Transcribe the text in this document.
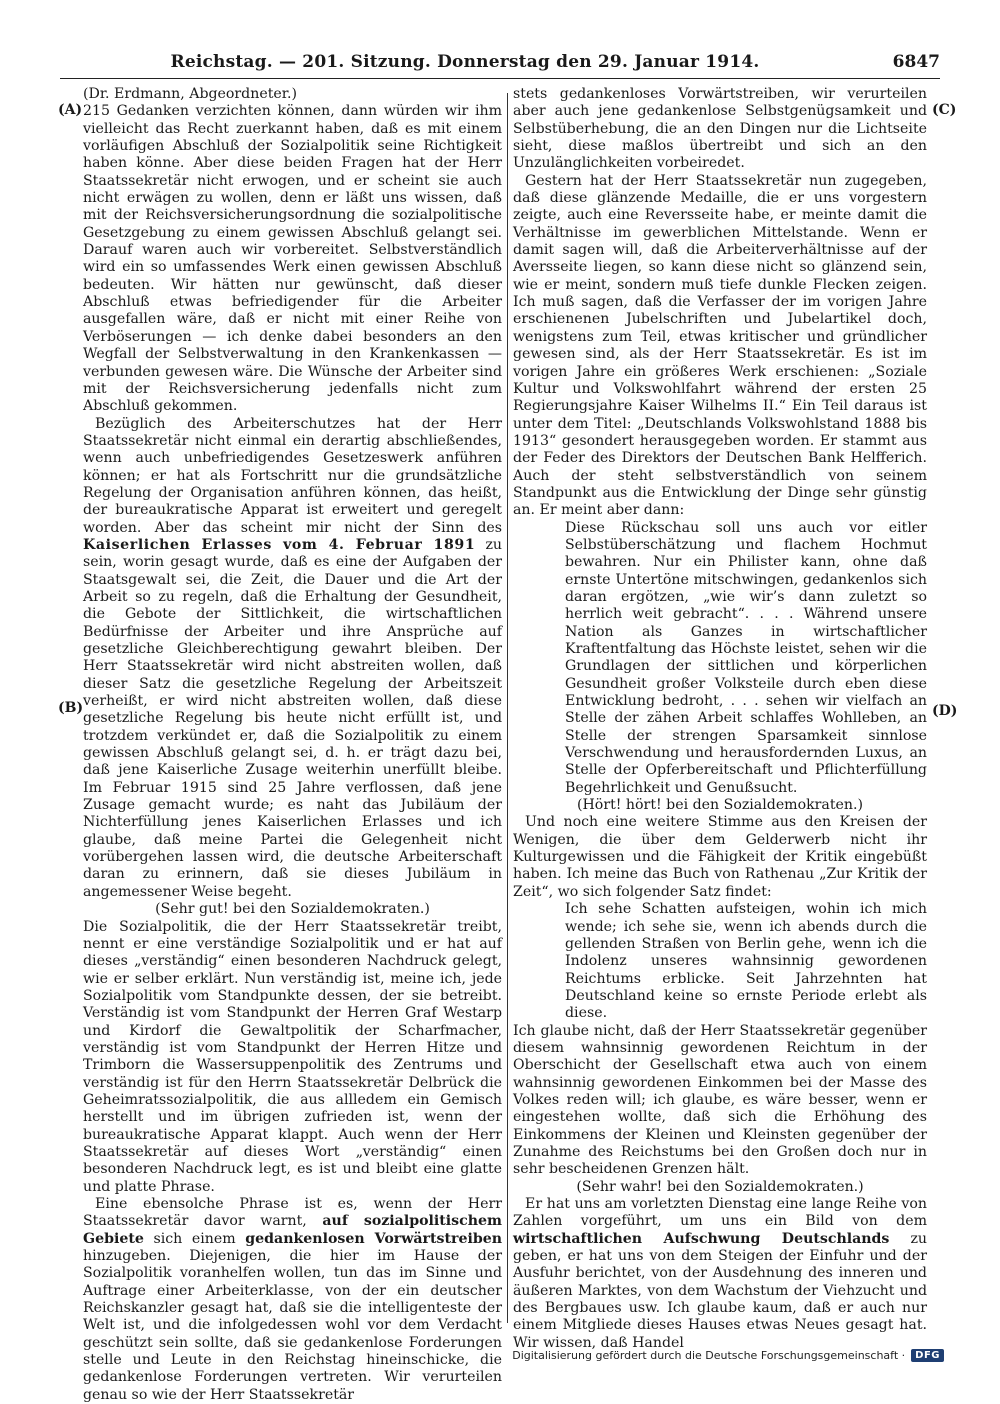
Reichstag. — 201. Sitzung. Donnerstag den 29. Januar 1914.	6847
(A)
(B)
(C)
(D)

(Dr. Erdmann, Abgeordneter.)

215 Gedanken verzichten können, dann würden wir ihm vielleicht das Recht zuerkannt haben, daß es mit einem vorläufigen Abschluß der Sozialpolitik seine Richtigkeit haben könne. Aber diese beiden Fragen hat der Herr Staatssekretär nicht erwogen, und er scheint sie auch nicht erwägen zu wollen, denn er läßt uns wissen, daß mit der Reichsversicherungsordnung die sozialpolitische Gesetzgebung zu einem gewissen Abschluß gelangt sei. Darauf waren auch wir vorbereitet. Selbstverständlich wird ein so umfassendes Werk einen gewissen Abschluß bedeuten. Wir hätten nur gewünscht, daß dieser Abschluß etwas befriedigender für die Arbeiter ausgefallen wäre, daß er nicht mit einer Reihe von Verböserungen — ich denke dabei besonders an den Wegfall der Selbstverwaltung in den Krankenkassen — verbunden gewesen wäre. Die Wünsche der Arbeiter sind mit der Reichsversicherung jedenfalls nicht zum Abschluß gekommen.

Bezüglich des Arbeiterschutzes hat der Herr Staatssekretär nicht einmal ein derartig abschließendes, wenn auch unbefriedigendes Gesetzeswerk anführen können; er hat als Fortschritt nur die grundsätzliche Regelung der Organisation anführen können, das heißt, der bureaukratische Apparat ist erweitert und geregelt worden. Aber das scheint mir nicht der Sinn des Kaiserlichen Erlasses vom 4. Februar 1891 zu sein, worin gesagt wurde, daß es eine der Aufgaben der Staatsgewalt sei, die Zeit, die Dauer und die Art der Arbeit so zu regeln, daß die Erhaltung der Gesundheit, die Gebote der Sittlichkeit, die wirtschaftlichen Bedürfnisse der Arbeiter und ihre Ansprüche auf gesetzliche Gleichberechtigung gewahrt bleiben. Der Herr Staatssekretär wird nicht abstreiten wollen, daß dieser Satz die gesetzliche Regelung der Arbeitszeit verheißt, er wird nicht abstreiten wollen, daß diese gesetzliche Regelung bis heute nicht erfüllt ist, und trotzdem verkündet er, daß die Sozialpolitik zu einem gewissen Abschluß gelangt sei, d. h. er trägt dazu bei, daß jene Kaiserliche Zusage weiterhin unerfüllt bleibe. Im Februar 1915 sind 25 Jahre verflossen, daß jene Zusage gemacht wurde; es naht das Jubiläum der Nichterfüllung jenes Kaiserlichen Erlasses und ich glaube, daß meine Partei die Gelegenheit nicht vorübergehen lassen wird, die deutsche Arbeiterschaft daran zu erinnern, daß sie dieses Jubiläum in angemessener Weise begeht.

(Sehr gut! bei den Sozialdemokraten.)

Die Sozialpolitik, die der Herr Staatssekretär treibt, nennt er eine verständige Sozialpolitik und er hat auf dieses „verständig“ einen besonderen Nachdruck gelegt, wie er selber erklärt. Nun verständig ist, meine ich, jede Sozialpolitik vom Standpunkte dessen, der sie betreibt. Verständig ist vom Standpunkt der Herren Graf Westarp und Kirdorf die Gewaltpolitik der Scharfmacher, verständig ist vom Standpunkt der Herren Hitze und Trimborn die Wassersuppenpolitik des Zentrums und verständig ist für den Herrn Staatssekretär Delbrück die Geheimratssozialpolitik, die aus allledem ein Gemisch herstellt und im übrigen zufrieden ist, wenn der bureaukratische Apparat klappt. Auch wenn der Herr Staatssekretär auf dieses Wort „verständig“ einen besonderen Nachdruck legt, es ist und bleibt eine glatte und platte Phrase.

Eine ebensolche Phrase ist es, wenn der Herr Staatssekretär davor warnt, auf sozialpolitischem Gebiete sich einem gedankenlosen Vorwärtstreiben hinzugeben. Diejenigen, die hier im Hause der Sozialpolitik voranhelfen wollen, tun das im Sinne und Auftrage einer Arbeiterklasse, von der ein deutscher Reichskanzler gesagt hat, daß sie die intelligenteste der Welt ist, und die infolgedessen wohl vor dem Verdacht geschützt sein sollte, daß sie gedankenlose Forderungen stelle und Leute in den Reichstag hineinschicke, die gedankenlose Forderungen vertreten. Wir verurteilen genau so wie der Herr Staatssekretär

stets gedankenloses Vorwärtstreiben, wir verurteilen aber auch jene gedankenlose Selbstgenügsamkeit und Selbstüberhebung, die an den Dingen nur die Lichtseite sieht, diese maßlos übertreibt und sich an den Unzulänglichkeiten vorbeiredet.

Gestern hat der Herr Staatssekretär nun zugegeben, daß diese glänzende Medaille, die er uns vorgestern zeigte, auch eine Reversseite habe, er meinte damit die Verhältnisse im gewerblichen Mittelstande. Wenn er damit sagen will, daß die Arbeiterverhältnisse auf der Aversseite liegen, so kann diese nicht so glänzend sein, wie er meint, sondern muß tiefe dunkle Flecken zeigen. Ich muß sagen, daß die Verfasser der im vorigen Jahre erschienenen Jubelschriften und Jubelartikel doch, wenigstens zum Teil, etwas kritischer und gründlicher gewesen sind, als der Herr Staatssekretär. Es ist im vorigen Jahre ein größeres Werk erschienen: „Soziale Kultur und Volkswohlfahrt während der ersten 25 Regierungsjahre Kaiser Wilhelms II.“ Ein Teil daraus ist unter dem Titel: „Deutschlands Volkswohlstand 1888 bis 1913“ gesondert herausgegeben worden. Er stammt aus der Feder des Direktors der Deutschen Bank Helfferich. Auch der steht selbstverständlich von seinem Standpunkt aus die Entwicklung der Dinge sehr günstig an. Er meint aber dann:

Diese Rückschau soll uns auch vor eitler Selbstüberschätzung und flachem Hochmut bewahren. Nur ein Philister kann, ohne daß ernste Untertöne mitschwingen, gedankenlos sich daran ergötzen, „wie wir’s dann zuletzt so herrlich weit gebracht“. . . . Während unsere Nation als Ganzes in wirtschaftlicher Kraftentfaltung das Höchste leistet, sehen wir die Grundlagen der sittlichen und körperlichen Gesundheit großer Volksteile durch eben diese Entwicklung bedroht, . . . sehen wir vielfach an Stelle der zähen Arbeit schlaffes Wohlleben, an Stelle der strengen Sparsamkeit sinnlose Verschwendung und herausfordernden Luxus, an Stelle der Opferbereitschaft und Pflichterfüllung Begehrlichkeit und Genußsucht.

(Hört! hört! bei den Sozialdemokraten.)

Und noch eine weitere Stimme aus den Kreisen der Wenigen, die über dem Gelderwerb nicht ihr Kulturgewissen und die Fähigkeit der Kritik eingebüßt haben. Ich meine das Buch von Rathenau „Zur Kritik der Zeit“, wo sich folgender Satz findet:

Ich sehe Schatten aufsteigen, wohin ich mich wende; ich sehe sie, wenn ich abends durch die gellenden Straßen von Berlin gehe, wenn ich die Indolenz unseres wahnsinnig gewordenen Reichtums erblicke. Seit Jahrzehnten hat Deutschland keine so ernste Periode erlebt als diese.

Ich glaube nicht, daß der Herr Staatssekretär gegenüber diesem wahnsinnig gewordenen Reichtum in der Oberschicht der Gesellschaft etwa auch von einem wahnsinnig gewordenen Einkommen bei der Masse des Volkes reden will; ich glaube, es wäre besser, wenn er eingestehen wollte, daß sich die Erhöhung des Einkommens der Kleinen und Kleinsten gegenüber der Zunahme des Reichstums bei den Großen doch nur in sehr bescheidenen Grenzen hält.

(Sehr wahr! bei den Sozialdemokraten.)

Er hat uns am vorletzten Dienstag eine lange Reihe von Zahlen vorgeführt, um uns ein Bild von dem wirtschaftlichen Aufschwung Deutschlands zu geben, er hat uns von dem Steigen der Einfuhr und der Ausfuhr berichtet, von der Ausdehnung des inneren und äußeren Marktes, von dem Wachstum der Viehzucht und des Bergbaues usw. Ich glaube kaum, daß er auch nur einem Mitgliede dieses Hauses etwas Neues gesagt hat. Wir wissen, daß Handel

Digitalisierung gefördert durch die Deutsche Forschungsgemeinschaft ·	DFG
